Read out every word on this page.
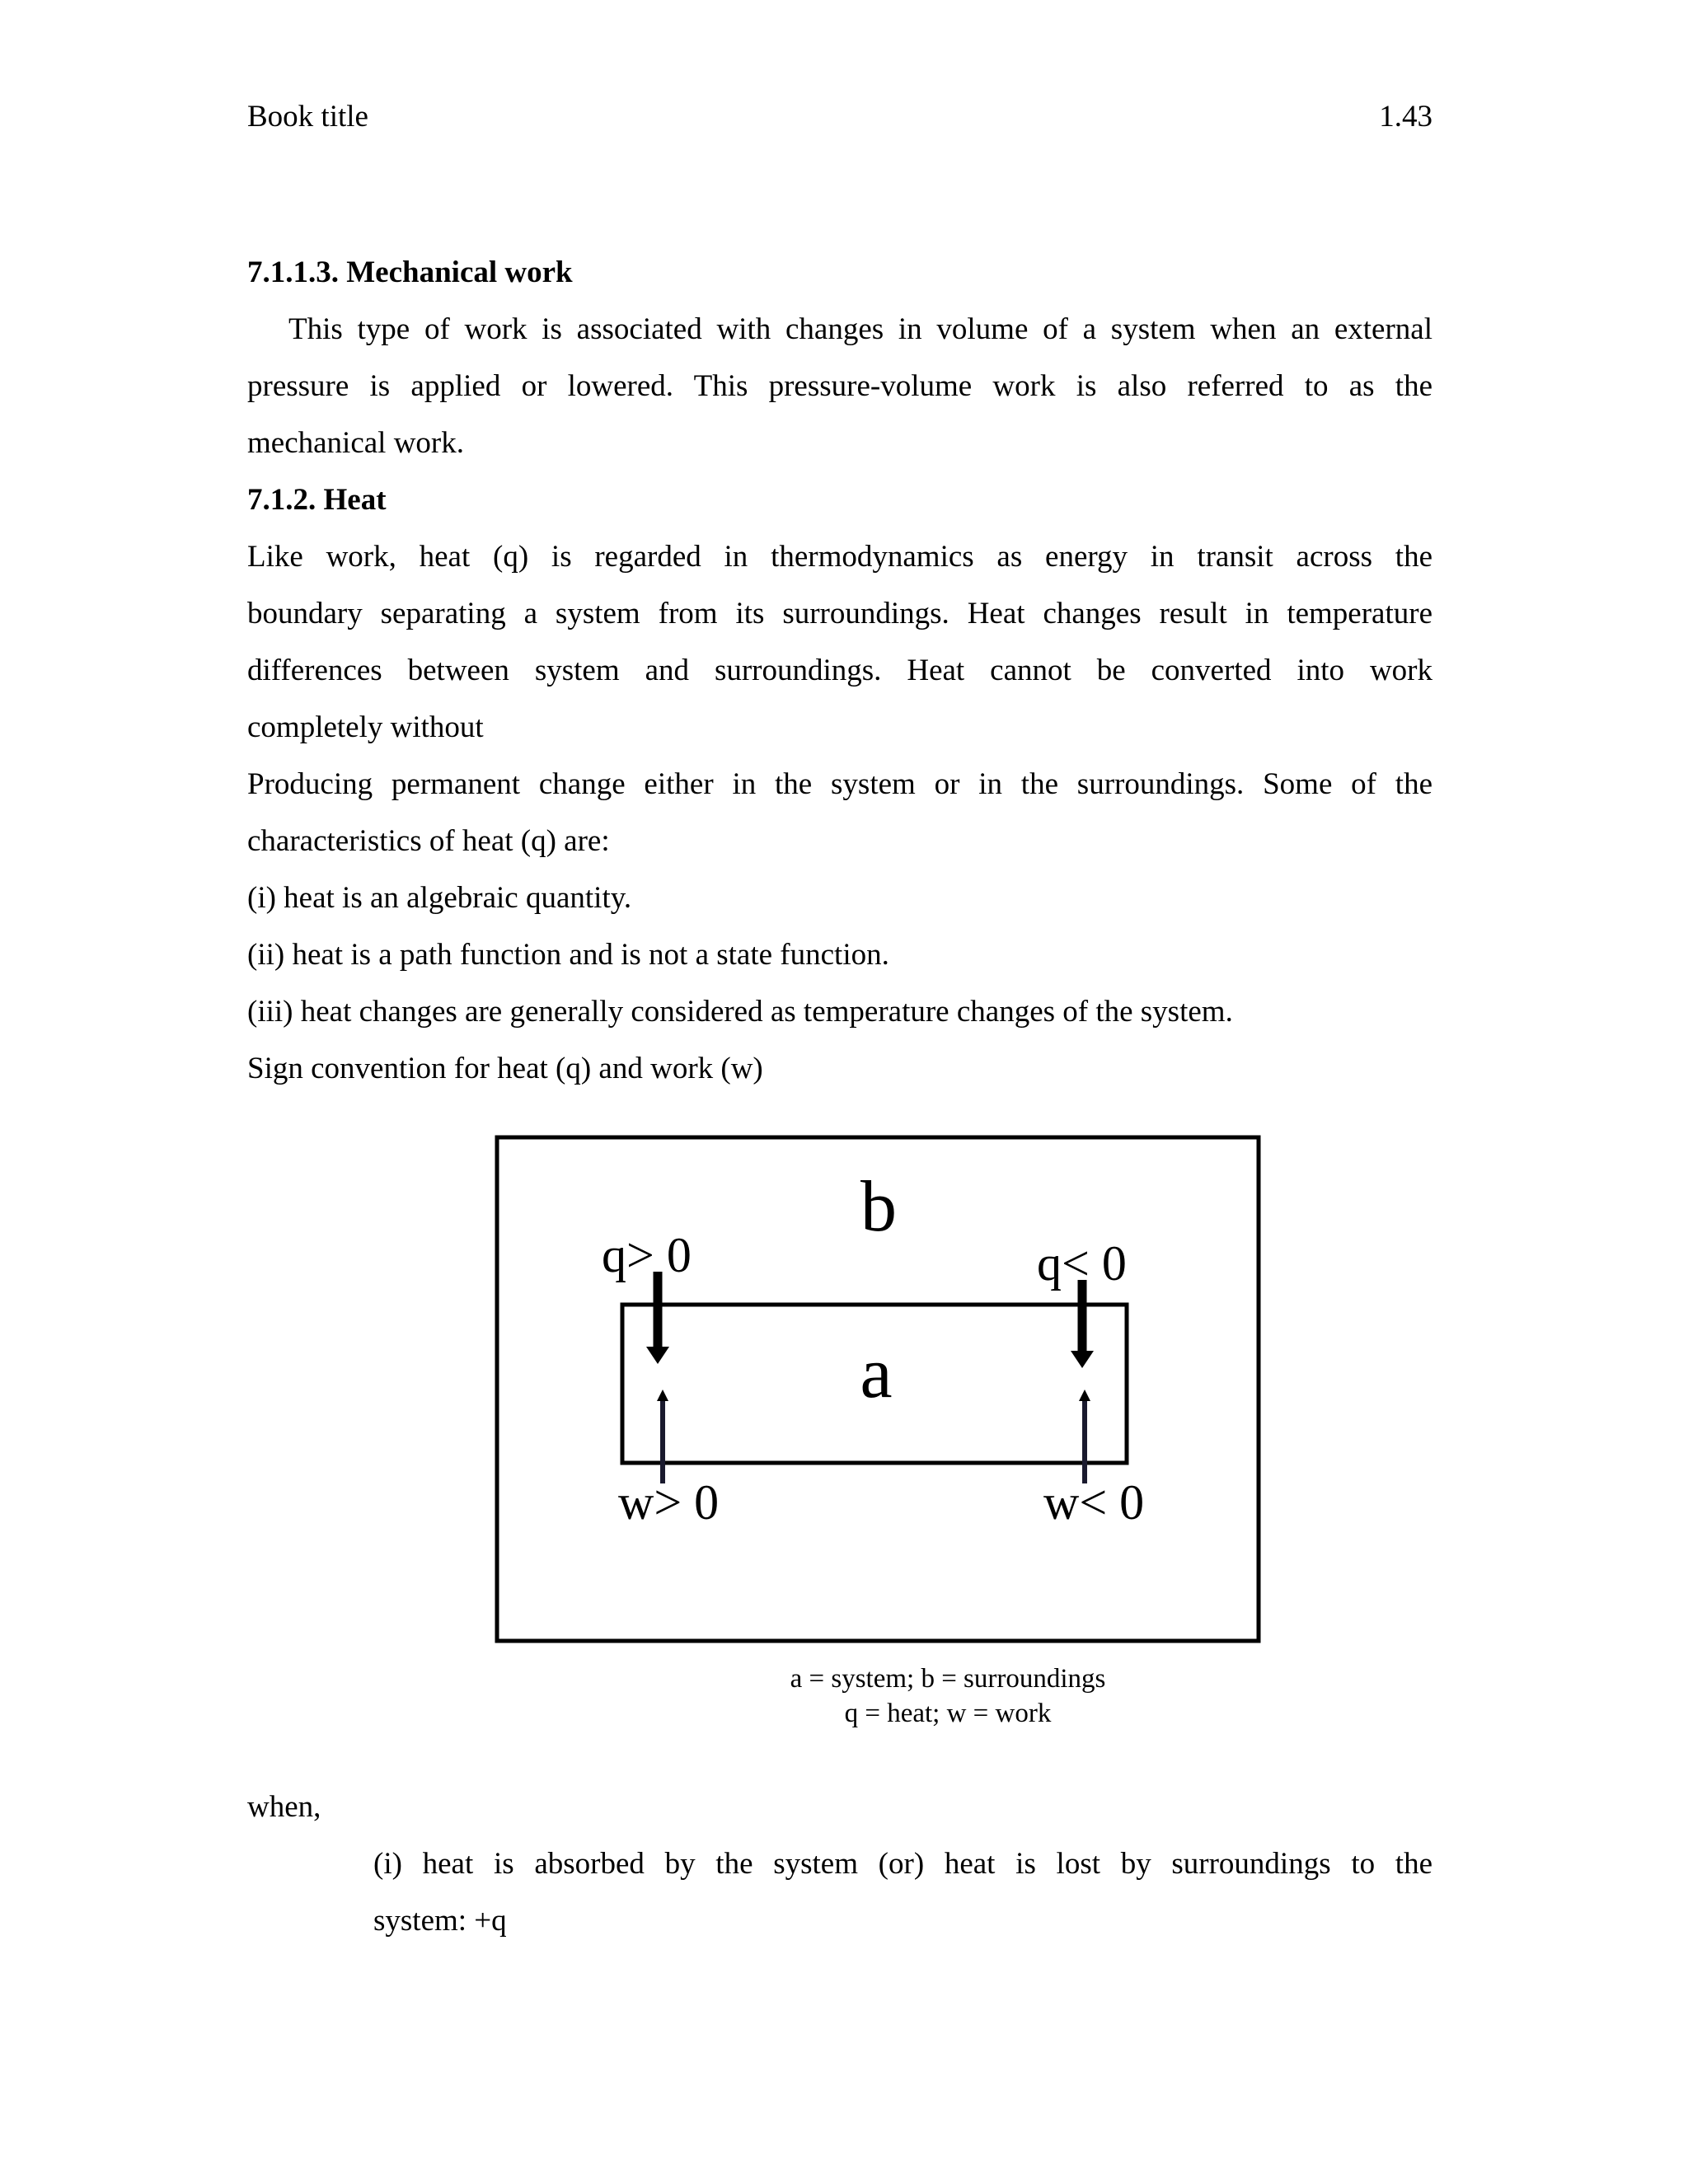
Book title	1.43
7.1.1.3. Mechanical work
This type of work is associated with changes in volume of a system when an external
pressure is applied or lowered. This pressure-volume work is also referred to as the
mechanical work.
7.1.2. Heat
Like work, heat (q) is regarded in thermodynamics as energy in transit across the
boundary separating a system from its surroundings. Heat changes result in temperature
differences between system and surroundings. Heat cannot be converted into work
completely without
Producing permanent change either in the system or in the surroundings. Some of the
characteristics of heat (q) are:
(i) heat is an algebraic quantity.
(ii) heat is a path function and is not a state function.
(iii) heat changes are generally considered as temperature changes of the system.
Sign convention for heat (q) and work (w)
b
a
q> 0	q< 0
w> 0	w< 0
a = system; b = surroundings
q = heat; w = work
when,
(i) heat is absorbed by the system (or) heat is lost by surroundings to the
system: +q
